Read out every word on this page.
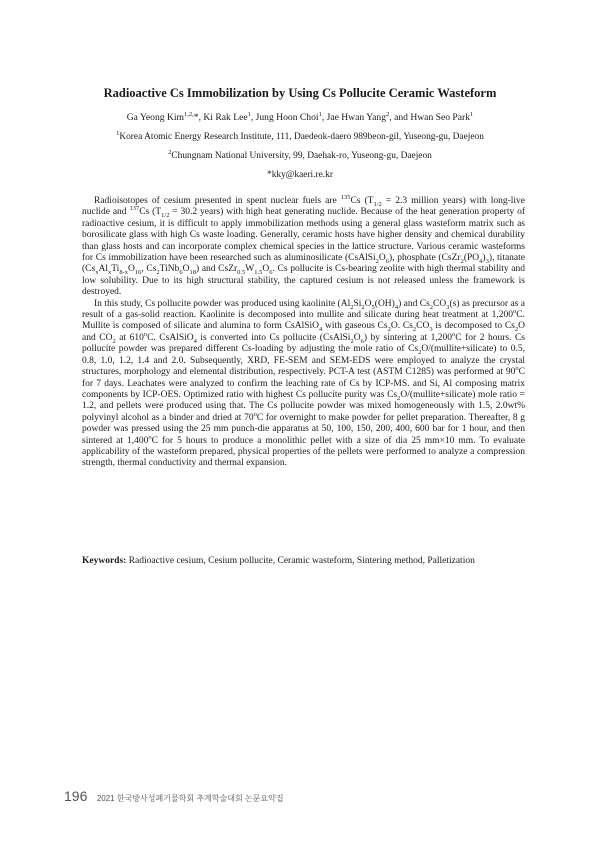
Radioactive Cs Immobilization by Using Cs Pollucite Ceramic Wasteform

Ga Yeong Kim$^{1,2,}$*, Ki Rak Lee$^1$, Jung Hoon Choi$^1$, Jae Hwan Yang$^2$, and Hwan Seo Park$^1$

$^1$Korea Atomic Energy Research Institute, 111, Daedeok-daero 989beon-gil, Yuseong-gu, Daejeon

$^2$Chungnam National University, 99, Daehak-ro, Yuseong-gu, Daejeon

*kky@kaeri.re.kr

Radioisotopes of cesium presented in spent nuclear fuels are $^{135}$Cs ($T_{1/2} = 2.3$ million years) with long-live nuclide and $^{137}$Cs ($T_{1/2} = 30.2$ years) with high heat generating nuclide. Because of the heat generation property of radioactive cesium, it is difficult to apply immobilization methods using a general glass wasteform matrix such as borosilicate glass with high Cs waste loading. Generally, ceramic hosts have higher density and chemical durability than glass hosts and can incorporate complex chemical species in the lattice structure. Various ceramic wasteforms for Cs immobilization have been researched such as aluminosilicate $(CsAlSi_2O_6)$, phosphate $(CsZr_2(PO_4)_3)$, titanate ($Cs_xAl_xTi_{8-x}O_{16}$, $Cs_2TiNb_6O_{18}$) and $CsZr_{0.5}W_{1.5}O_6$. Cs pollucite is Cs-bearing zeolite with high thermal stability and low solubility. Due to its high structural stability, the captured cesium is not released unless the framework is destroyed.

In this study, Cs pollucite powder was produced using kaolinite $(Al_2Si_2O_5(OH)_4)$ and $Cs_2CO_3(s)$ as precursor as a result of a gas-solid reaction. Kaolinite is decomposed into mullite and silicate during heat treatment at 1,200$^o$C. Mullite is composed of silicate and alumina to form CsAlSiO$_4$ with gaseous $Cs_2O$. $Cs_2CO_3$ is decomposed to $Cs_2O$ and $CO_2$ at 610$^o$C. CsAlSiO$_4$ is converted into Cs pollucite $(CsAlSi_2O_6)$ by sintering at 1,200$^o$C for 2 hours. Cs pollucite powder was prepared different Cs-loading by adjusting the mole ratio of $Cs_2O/(mullite+silicate)$ to 0.5, 0.8, 1.0, 1.2, 1.4 and 2.0. Subsequently, XRD, FE-SEM and SEM-EDS were employed to analyze the crystal structures, morphology and elemental distribution, respectively. PCT-A test (ASTM C1285) was performed at 90$^o$C for 7 days. Leachates were analyzed to confirm the leaching rate of Cs by ICP-MS. and Si, Al composing matrix components by ICP-OES. Optimized ratio with highest Cs pollucite purity was $Cs_2O/(mullite+silicate)$ mole ratio = 1.2, and pellets were produced using that. The Cs pollucite powder was mixed homogeneously with 1.5, 2.0wt% polyvinyl alcohol as a binder and dried at 70$^o$C for overnight to make powder for pellet preparation. Thereafter, 8 g powder was pressed using the 25 mm punch-die apparatus at 50, 100, 150, 200, 400, 600 bar for 1 hour, and then sintered at 1,400$^o$C for 5 hours to produce a monolithic pellet with a size of dia 25 mm×10 mm. To evaluate applicability of the wasteform prepared, physical properties of the pellets were performed to analyze a compression strength, thermal conductivity and thermal expansion.

Keywords: Radioactive cesium, Cesium pollucite, Ceramic wasteform, Sintering method, Palletization

196 2021 한국방사성폐기물학회 추계학술대회 논문요약집
